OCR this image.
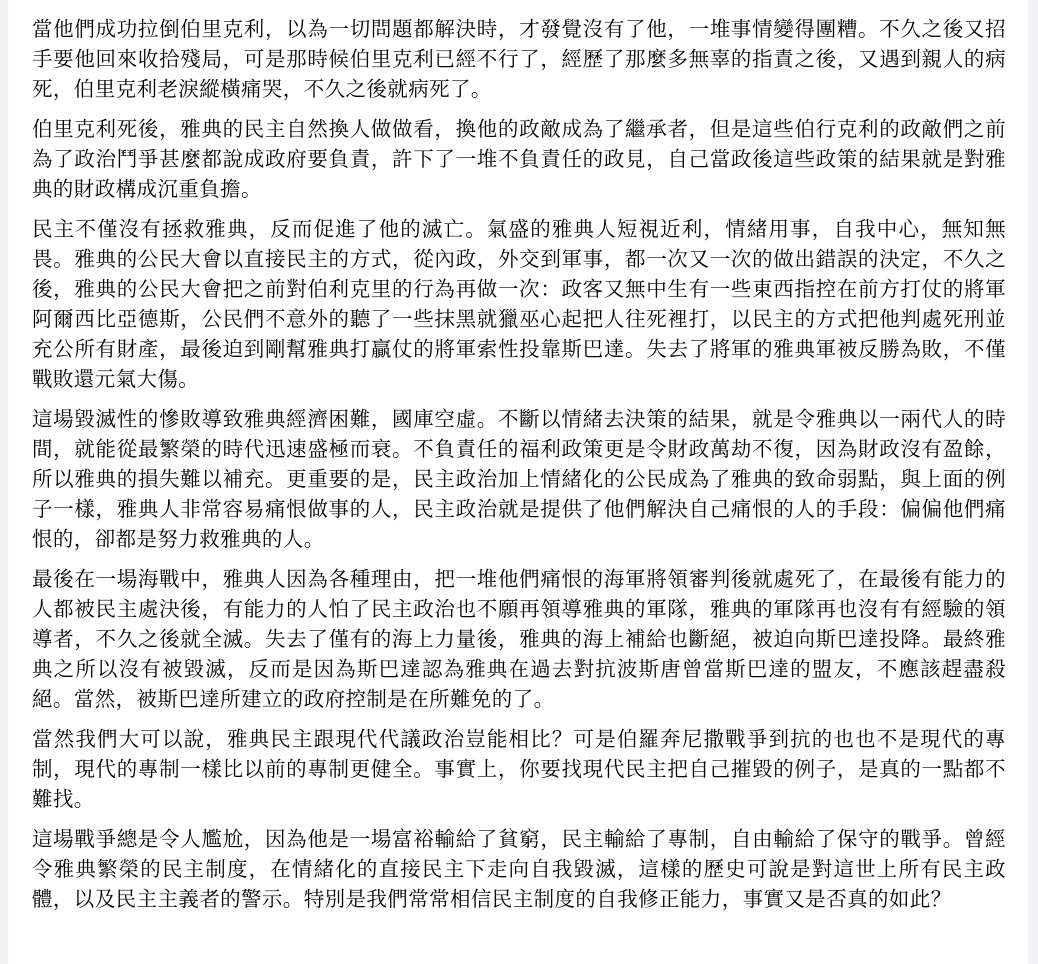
當他們成功拉倒伯里克利，以為一切問題都解決時，才發覺沒有了他，一堆事情變得團糟。不久之後又招手要他回來收拾殘局，可是那時候伯里克利已經不行了，經歷了那麼多無辜的指責之後，又遇到親人的病死，伯里克利老淚縱橫痛哭，不久之後就病死了。

伯里克利死後，雅典的民主自然換人做做看，換他的政敵成為了繼承者，但是這些伯行克利的政敵們之前為了政治鬥爭甚麼都說成政府要負責，許下了一堆不負責任的政見，自己當政後這些政策的結果就是對雅典的財政構成沉重負擔。

民主不僅沒有拯救雅典，反而促進了他的滅亡。氣盛的雅典人短視近利，情緒用事，自我中心，無知無畏。雅典的公民大會以直接民主的方式，從內政，外交到軍事，都一次又一次的做出錯誤的決定，不久之後，雅典的公民大會把之前對伯利克里的行為再做一次：政客又無中生有一些東西指控在前方打仗的將軍阿爾西比亞德斯，公民們不意外的聽了一些抹黑就獵巫心起把人往死裡打，以民主的方式把他判處死刑並充公所有財產，最後迫到剛幫雅典打贏仗的將軍索性投靠斯巴達。失去了將軍的雅典軍被反勝為敗，不僅戰敗還元氣大傷。

這場毀滅性的慘敗導致雅典經濟困難，國庫空虛。不斷以情緒去決策的結果，就是令雅典以一兩代人的時間，就能從最繁榮的時代迅速盛極而衰。不負責任的福利政策更是令財政萬劫不復，因為財政沒有盈餘，所以雅典的損失難以補充。更重要的是，民主政治加上情緒化的公民成為了雅典的致命弱點，與上面的例子一樣，雅典人非常容易痛恨做事的人，民主政治就是提供了他們解決自己痛恨的人的手段：偏偏他們痛恨的，卻都是努力救雅典的人。

最後在一場海戰中，雅典人因為各種理由，把一堆他們痛恨的海軍將領審判後就處死了，在最後有能力的人都被民主處決後，有能力的人怕了民主政治也不願再領導雅典的軍隊，雅典的軍隊再也沒有有經驗的領導者，不久之後就全滅。失去了僅有的海上力量後，雅典的海上補給也斷絕，被迫向斯巴達投降。最終雅典之所以沒有被毀滅，反而是因為斯巴達認為雅典在過去對抗波斯唐曾當斯巴達的盟友，不應該趕盡殺絕。當然，被斯巴達所建立的政府控制是在所難免的了。

當然我們大可以說，雅典民主跟現代代議政治豈能相比？可是伯羅奔尼撒戰爭到抗的也也不是現代的專制，現代的專制一樣比以前的專制更健全。事實上，你要找現代民主把自己摧毀的例子，是真的一點都不難找。

這場戰爭總是令人尷尬，因為他是一場富裕輸給了貧窮，民主輸給了專制，自由輸給了保守的戰爭。曾經令雅典繁榮的民主制度，在情緒化的直接民主下走向自我毀滅，這樣的歷史可說是對這世上所有民主政體，以及民主主義者的警示。特別是我們常常相信民主制度的自我修正能力，事實又是否真的如此？
